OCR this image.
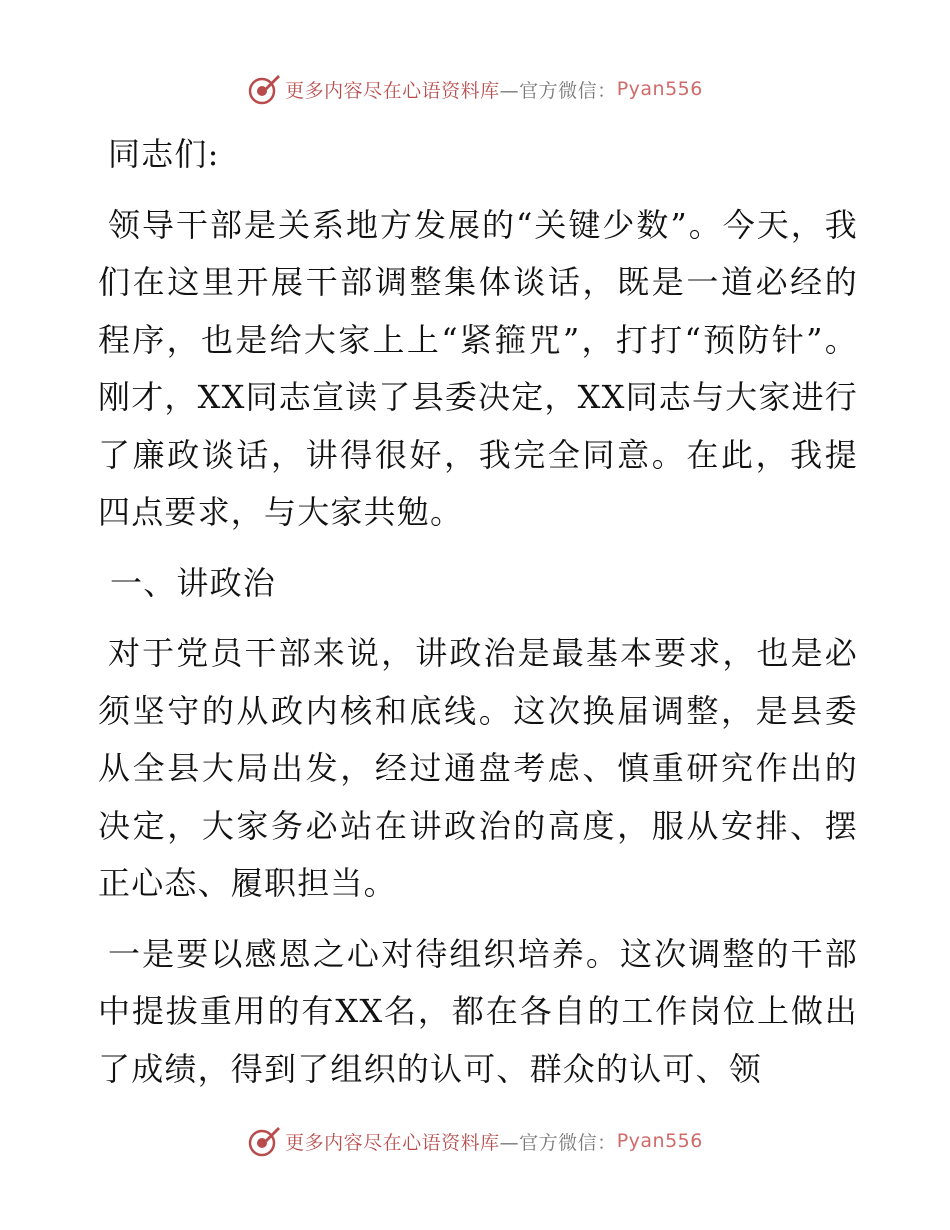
更多内容尽在心语资料库 —官方微信： Pyan556

同志们:

领导干部是关系地方发展的“关键少数”。今天，我们在这里开展干部调整集体谈话，既是一道必经的程序，也是给大家上上“紧箍咒”，打打“预防针”。刚才，XX同志宣读了县委决定，XX同志与大家进行了廉政谈话，讲得很好，我完全同意。在此，我提四点要求，与大家共勉。

一、讲政治

对于党员干部来说，讲政治是最基本要求，也是必须坚守的从政内核和底线。这次换届调整，是县委从全县大局出发，经过通盘考虑、慎重研究作出的决定，大家务必站在讲政治的高度，服从安排、摆正心态、履职担当。

一是要以感恩之心对待组织培养。这次调整的干部中提拔重用的有XX名，都在各自的工作岗位上做出了成绩，得到了组织的认可、群众的认可、领

更多内容尽在心语资料库 —官方微信： Pyan556
